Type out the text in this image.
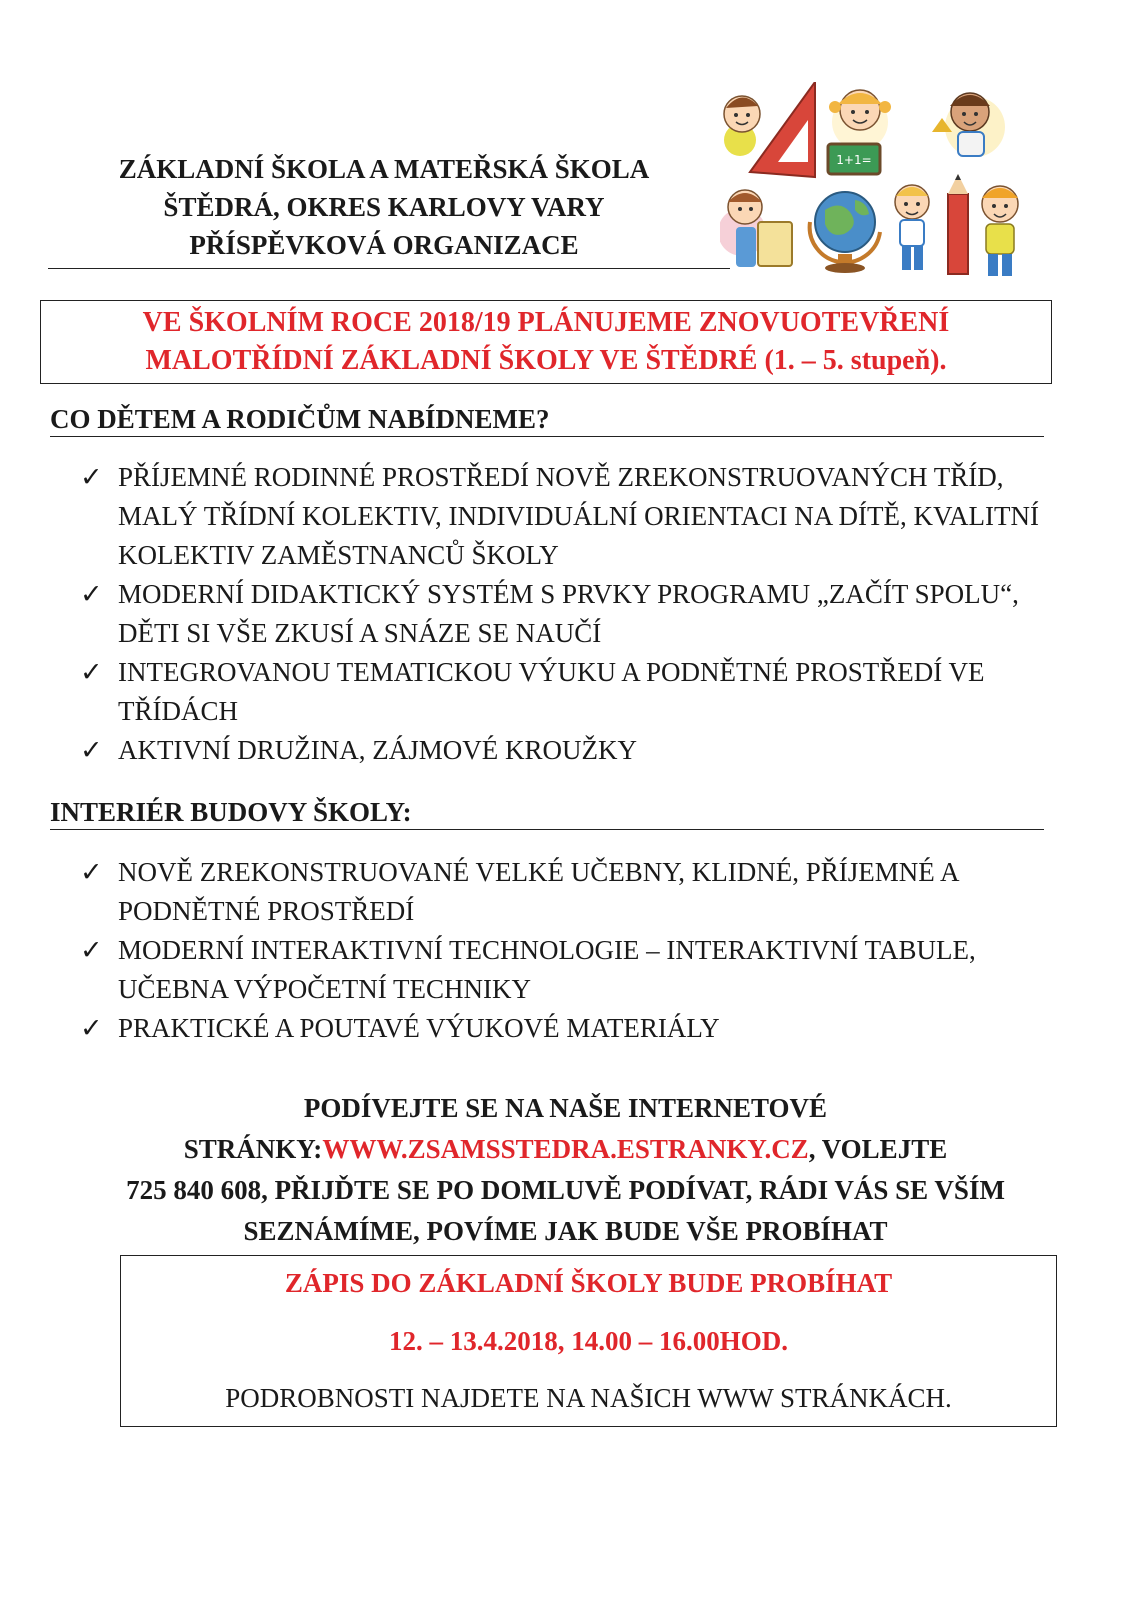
ZÁKLADNÍ ŠKOLA A MATEŘSKÁ ŠKOLA
ŠTĚDRÁ, OKRES KARLOVY VARY
PŘÍSPĚVKOVÁ ORGANIZACE
1+1=
VE ŠKOLNÍM ROCE 2018/19 PLÁNUJEME ZNOVUOTEVŘENÍ
MALOTŘÍDNÍ ZÁKLADNÍ ŠKOLY VE ŠTĚDRÉ (1. – 5. stupeň).
CO DĚTEM A RODIČŮM NABÍDNEME?
✓ PŘÍJEMNÉ RODINNÉ PROSTŘEDÍ NOVĚ ZREKONSTRUOVANÝCH TŘÍD, MALÝ TŘÍDNÍ KOLEKTIV, INDIVIDUÁLNÍ ORIENTACI NA DÍTĚ, KVALITNÍ KOLEKTIV ZAMĚSTNANCŮ ŠKOLY
✓ MODERNÍ DIDAKTICKÝ SYSTÉM S PRVKY PROGRAMU „ZAČÍT SPOLU“, DĚTI SI VŠE ZKUSÍ A SNÁZE SE NAUČÍ
✓ INTEGROVANOU TEMATICKOU VÝUKU A PODNĚTNÉ PROSTŘEDÍ VE TŘÍDÁCH
✓ AKTIVNÍ DRUŽINA, ZÁJMOVÉ KROUŽKY
INTERIÉR BUDOVY ŠKOLY:
✓ NOVĚ ZREKONSTRUOVANÉ VELKÉ UČEBNY, KLIDNÉ, PŘÍJEMNÉ A PODNĚTNÉ PROSTŘEDÍ
✓ MODERNÍ INTERAKTIVNÍ TECHNOLOGIE – INTERAKTIVNÍ TABULE, UČEBNA VÝPOČETNÍ TECHNIKY
✓ PRAKTICKÉ A POUTAVÉ VÝUKOVÉ MATERIÁLY
PODÍVEJTE SE NA NAŠE INTERNETOVÉ
STRÁNKY:WWW.ZSAMSSTEDRA.ESTRANKY.CZ, VOLEJTE
725 840 608, PŘIJĎTE SE PO DOMLUVĚ PODÍVAT, RÁDI VÁS SE VŠÍM
SEZNÁMÍME, POVÍME JAK BUDE VŠE PROBÍHAT
ZÁPIS DO ZÁKLADNÍ ŠKOLY BUDE PROBÍHAT
12. – 13.4.2018, 14.00 – 16.00HOD.
PODROBNOSTI NAJDETE NA NAŠICH WWW STRÁNKÁCH.
